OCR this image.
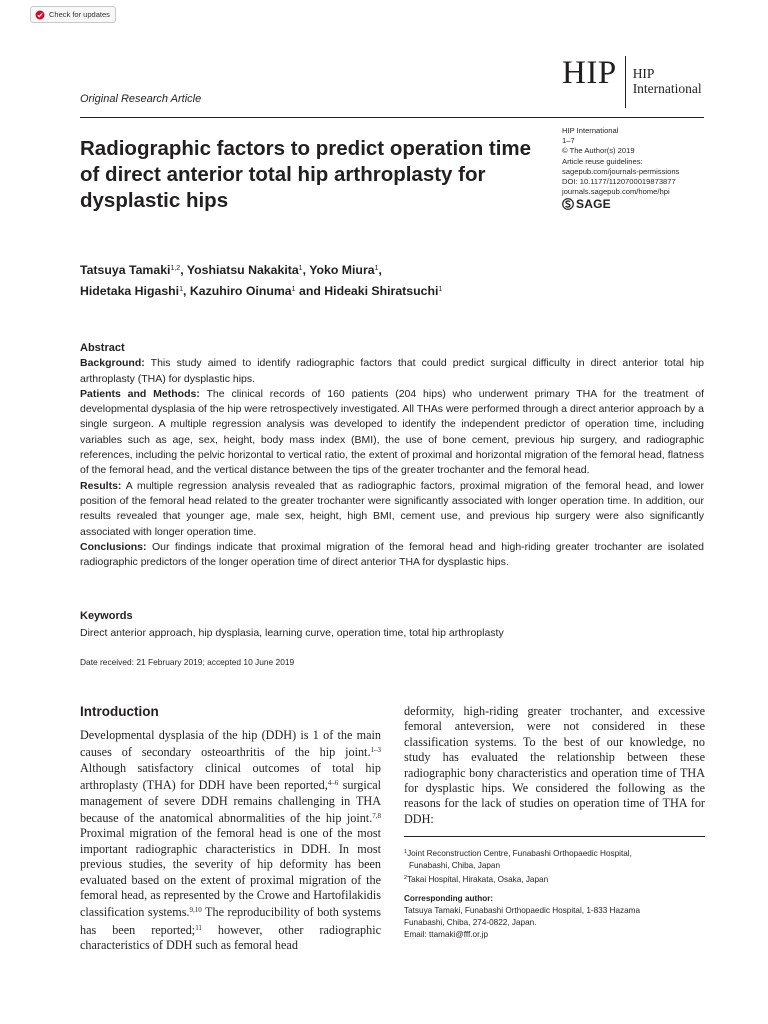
Check for updates
HIP HIP
International
Original Research Article
Radiographic factors to predict operation time of direct anterior total hip arthroplasty for dysplastic hips
HIP International
1–7
© The Author(s) 2019
Article reuse guidelines:
sagepub.com/journals-permissions
DOI: 10.1177/1120700019873877
journals.sagepub.com/home/hpi
SAGE
Tatsuya Tamaki$^{1,2}$, Yoshiatsu Nakakita$^1$, Yoko Miura$^1$,
Hidetaka Higashi$^1$, Kazuhiro Oinuma$^1$ and Hideaki Shiratsuchi$^1$
Abstract

Background: This study aimed to identify radiographic factors that could predict surgical difficulty in direct anterior total hip arthroplasty (THA) for dysplastic hips.

Patients and Methods: The clinical records of 160 patients (204 hips) who underwent primary THA for the treatment of developmental dysplasia of the hip were retrospectively investigated. All THAs were performed through a direct anterior approach by a single surgeon. A multiple regression analysis was developed to identify the independent predictor of operation time, including variables such as age, sex, height, body mass index (BMI), the use of bone cement, previous hip surgery, and radiographic references, including the pelvic horizontal to vertical ratio, the extent of proximal and horizontal migration of the femoral head, flatness of the femoral head, and the vertical distance between the tips of the greater trochanter and the femoral head.

Results: A multiple regression analysis revealed that as radiographic factors, proximal migration of the femoral head, and lower position of the femoral head related to the greater trochanter were significantly associated with longer operation time. In addition, our results revealed that younger age, male sex, height, high BMI, cement use, and previous hip surgery were also significantly associated with longer operation time.

Conclusions: Our findings indicate that proximal migration of the femoral head and high-riding greater trochanter are isolated radiographic predictors of the longer operation time of direct anterior THA for dysplastic hips.

Keywords
Direct anterior approach, hip dysplasia, learning curve, operation time, total hip arthroplasty
Date received: 21 February 2019; accepted 10 June 2019
Introduction
Developmental dysplasia of the hip (DDH) is 1 of the main causes of secondary osteoarthritis of the hip joint.$^{1-3}$ Although satisfactory clinical outcomes of total hip arthroplasty (THA) for DDH have been reported,$^{4-6}$ surgical management of severe DDH remains challenging in THA because of the anatomical abnormalities of the hip joint.$^{7,8}$ Proximal migration of the femoral head is one of the most important radiographic characteristics in DDH. In most previous studies, the severity of hip deformity has been evaluated based on the extent of proximal migration of the femoral head, as represented by the Crowe and Hartofilakidis classification systems.$^{9,10}$ The reproducibility of both systems has been reported;$^{11}$ however, other radiographic characteristics of DDH such as femoral head
deformity, high-riding greater trochanter, and excessive femoral anteversion, were not considered in these classification systems. To the best of our knowledge, no study has evaluated the relationship between these radiographic bony characteristics and operation time of THA for dysplastic hips. We considered the following as the reasons for the lack of studies on operation time of THA for DDH:
$^1$Joint Reconstruction Centre, Funabashi Orthopaedic Hospital,
Funabashi, Chiba, Japan
$^2$Takai Hospital, Hirakata, Osaka, Japan
Corresponding author:
Tatsuya Tamaki, Funabashi Orthopaedic Hospital, 1-833 Hazama
Funabashi, Chiba, 274-0822, Japan.
Email: ttamaki@fff.or.jp
